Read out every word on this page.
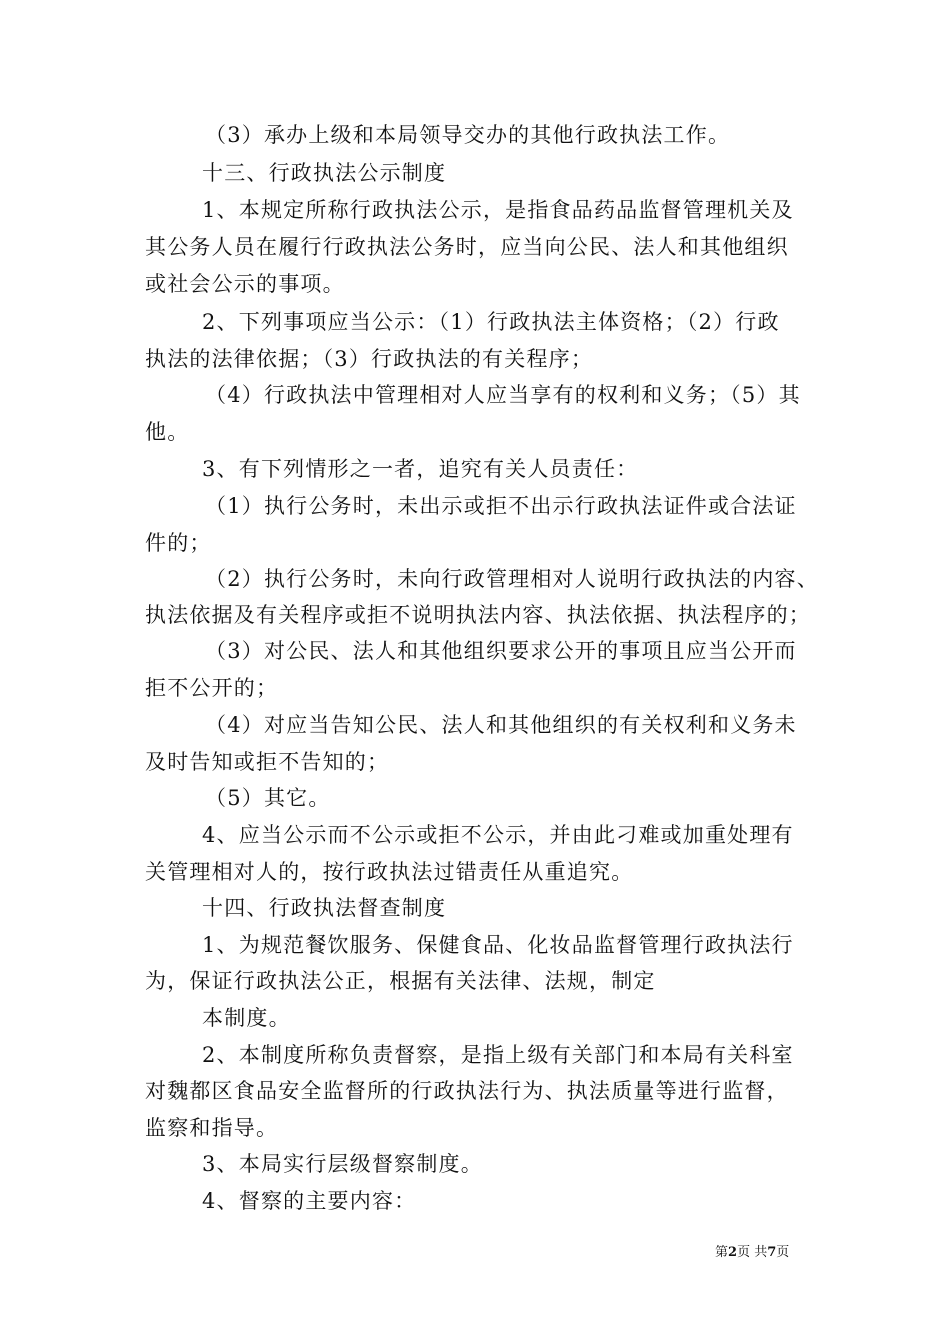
（3）承办上级和本局领导交办的其他行政执法工作。

十三、行政执法公示制度

1、本规定所称行政执法公示，是指食品药品监督管理机关及

其公务人员在履行行政执法公务时，应当向公民、法人和其他组织

或社会公示的事项。

2、下列事项应当公示：（1）行政执法主体资格；（2）行政

执法的法律依据；（3）行政执法的有关程序；

（4）行政执法中管理相对人应当享有的权利和义务；（5）其

他。

3、有下列情形之一者，追究有关人员责任：

（1）执行公务时，未出示或拒不出示行政执法证件或合法证

件的；

（2）执行公务时，未向行政管理相对人说明行政执法的内容、

执法依据及有关程序或拒不说明执法内容、执法依据、执法程序的；

（3）对公民、法人和其他组织要求公开的事项且应当公开而

拒不公开的；

（4）对应当告知公民、法人和其他组织的有关权利和义务未

及时告知或拒不告知的；

（5）其它。

4、应当公示而不公示或拒不公示，并由此刁难或加重处理有

关管理相对人的，按行政执法过错责任从重追究。

十四、行政执法督查制度

1、为规范餐饮服务、保健食品、化妆品监督管理行政执法行

为，保证行政执法公正，根据有关法律、法规，制定

本制度。

2、本制度所称负责督察，是指上级有关部门和本局有关科室

对魏都区食品安全监督所的行政执法行为、执法质量等进行监督，

监察和指导。

3、本局实行层级督察制度。

4、督察的主要内容：

第2页 共7页
